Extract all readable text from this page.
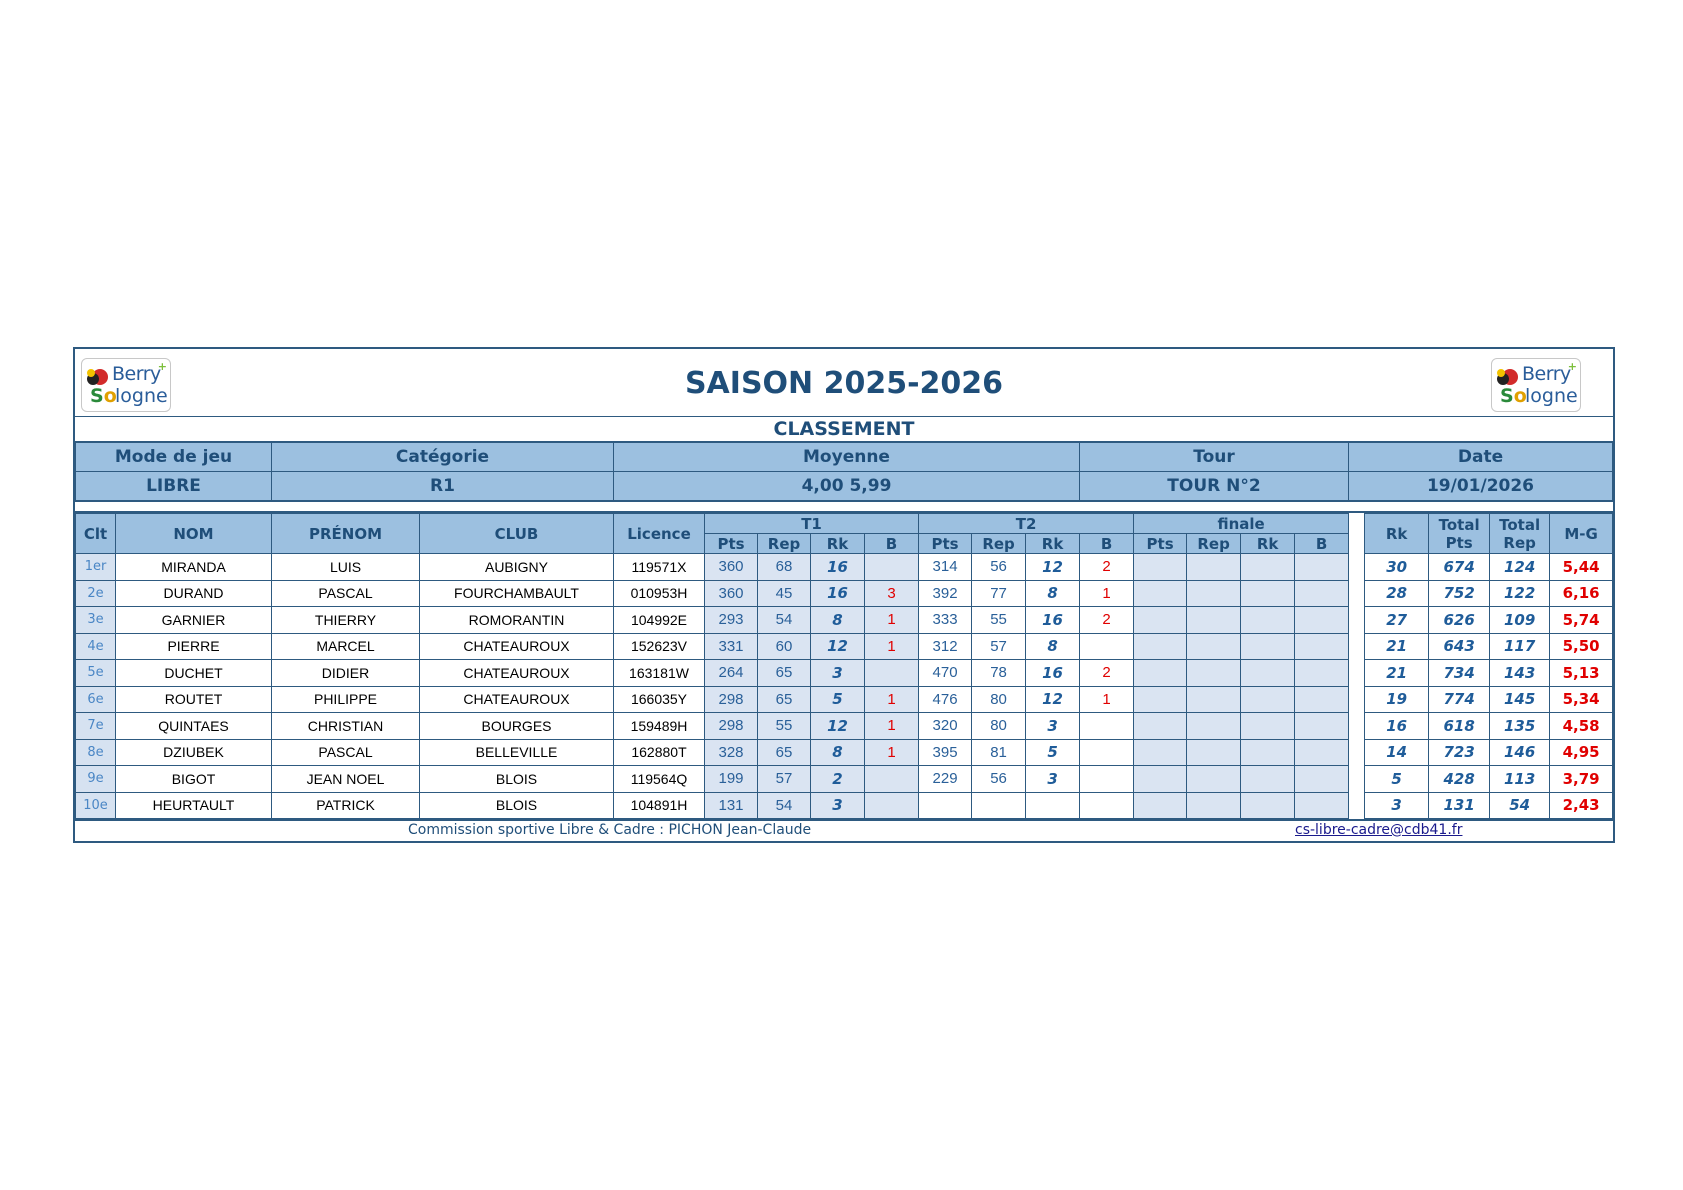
Berry
+
So
logne	SAISON 2025-2026	Berry
+
So
logne
CLASSEMENT
Mode de jeu	Catégorie	Moyenne	Tour	Date
LIBRE	R1	4,00 5,99	TOUR N°2	19/01/2026
Clt	NOM	PRÉNOM	CLUB	Licence	T1				T2				finale					Rk	Total Pts	Total Rep	M-G
					Pts	Rep	Rk	B	Pts	Rep	Rk	B	Pts	Rep	Rk	B					
1er	MIRANDA	LUIS	AUBIGNY	119571X	360	68	16		314	56	12	2						30	674	124	5,44
2e	DURAND	PASCAL	FOURCHAMBAULT	010953H	360	45	16	3	392	77	8	1						28	752	122	6,16
3e	GARNIER	THIERRY	ROMORANTIN	104992E	293	54	8	1	333	55	16	2						27	626	109	5,74
4e	PIERRE	MARCEL	CHATEAUROUX	152623V	331	60	12	1	312	57	8							21	643	117	5,50
5e	DUCHET	DIDIER	CHATEAUROUX	163181W	264	65	3		470	78	16	2						21	734	143	5,13
6e	ROUTET	PHILIPPE	CHATEAUROUX	166035Y	298	65	5	1	476	80	12	1						19	774	145	5,34
7e	QUINTAES	CHRISTIAN	BOURGES	159489H	298	55	12	1	320	80	3							16	618	135	4,58
8e	DZIUBEK	PASCAL	BELLEVILLE	162880T	328	65	8	1	395	81	5							14	723	146	4,95
9e	BIGOT	JEAN NOEL	BLOIS	119564Q	199	57	2		229	56	3							5	428	113	3,79
10e	HEURTAULT	PATRICK	BLOIS	104891H	131	54	3											3	131	54	2,43
Commission sportive Libre & Cadre : PICHON Jean-Claude	cs-libre-cadre@cdb41.fr
